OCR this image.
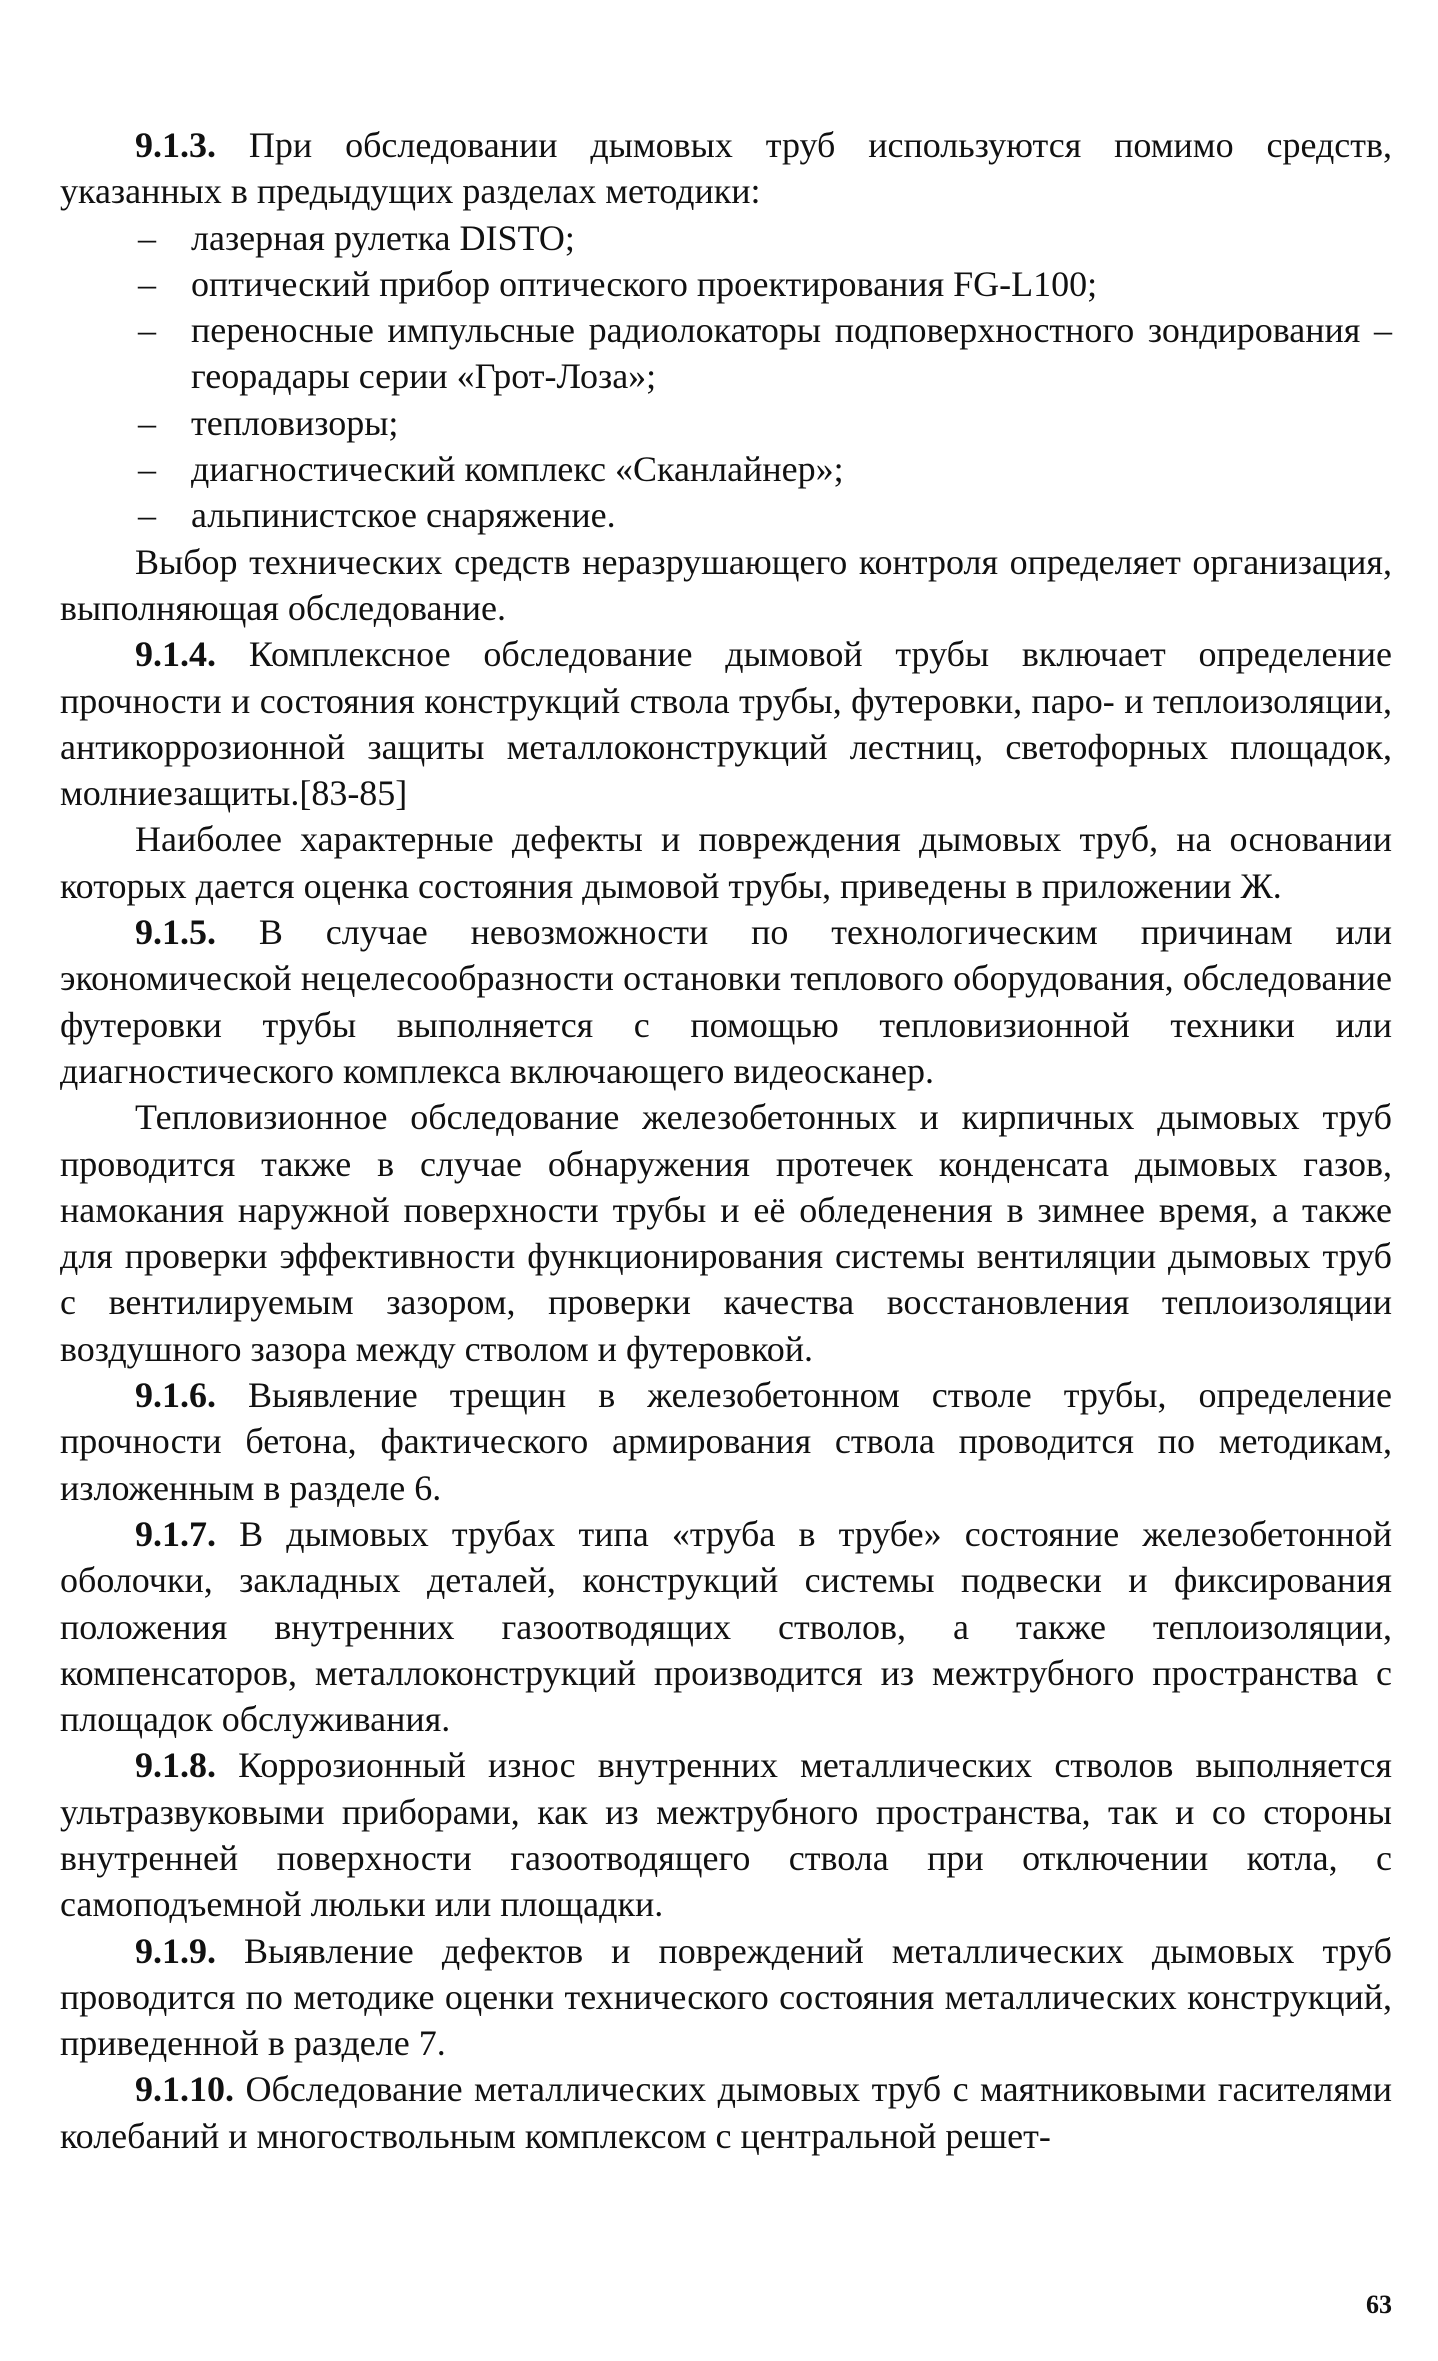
9.1.3. При обследовании дымовых труб используются помимо средств, указанных в предыдущих разделах методики:

– лазерная рулетка DISTO;
– оптический прибор оптического проектирования FG-L100;
– переносные импульсные радиолокаторы подповерхностного зондирования – георадары серии «Грот-Лоза»;
– тепловизоры;
– диагностический комплекс «Сканлайнер»;
– альпинистское снаряжение.

Выбор технических средств неразрушающего контроля определяет организация, выполняющая обследование.

9.1.4. Комплексное обследование дымовой трубы включает определение прочности и состояния конструкций ствола трубы, футеровки, паро- и теплоизоляции, антикоррозионной защиты металлоконструкций лестниц, светофорных площадок, молниезащиты.[83-85]

Наиболее характерные дефекты и повреждения дымовых труб, на основании которых дается оценка состояния дымовой трубы, приведены в приложении Ж.

9.1.5. В случае невозможности по технологическим причинам или экономической нецелесообразности остановки теплового оборудования, обследование футеровки трубы выполняется с помощью тепловизионной техники или диагностического комплекса включающего видеосканер.

Тепловизионное обследование железобетонных и кирпичных дымовых труб проводится также в случае обнаружения протечек конденсата дымовых газов, намокания наружной поверхности трубы и её обледенения в зимнее время, а также для проверки эффективности функционирования системы вентиляции дымовых труб с вентилируемым зазором, проверки качества восстановления теплоизоляции воздушного зазора между стволом и футеровкой.

9.1.6. Выявление трещин в железобетонном стволе трубы, определение прочности бетона, фактического армирования ствола проводится по методикам, изложенным в разделе 6.

9.1.7. В дымовых трубах типа «труба в трубе» состояние железобетонной оболочки, закладных деталей, конструкций системы подвески и фиксирования положения внутренних газоотводящих стволов, а также теплоизоляции, компенсаторов, металлоконструкций производится из межтрубного пространства с площадок обслуживания.

9.1.8. Коррозионный износ внутренних металлических стволов выполняется ультразвуковыми приборами, как из межтрубного пространства, так и со стороны внутренней поверхности газоотводящего ствола при отключении котла, с самоподъемной люльки или площадки.

9.1.9. Выявление дефектов и повреждений металлических дымовых труб проводится по методике оценки технического состояния металлических конструкций, приведенной в разделе 7.

9.1.10. Обследование металлических дымовых труб с маятниковыми гасителями колебаний и многоствольным комплексом с центральной решет-

63
